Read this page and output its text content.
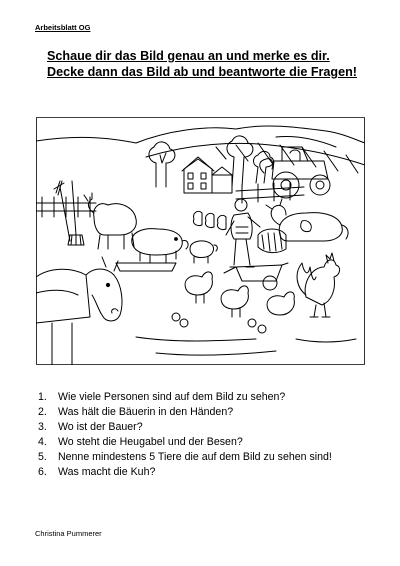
Arbeitsblatt OG
Schaue dir das Bild genau an und merke es dir. Decke dann das Bild ab und beantworte die Fragen!
1.	Wie viele Personen sind auf dem Bild zu sehen?
2.	Was hält die Bäuerin in den Händen?
3.	Wo ist der Bauer?
4.	Wo steht die Heugabel und der Besen?
5.	Nenne mindestens 5 Tiere die auf dem Bild zu sehen sind!
6.	Was macht die Kuh?
Christina Pummerer
